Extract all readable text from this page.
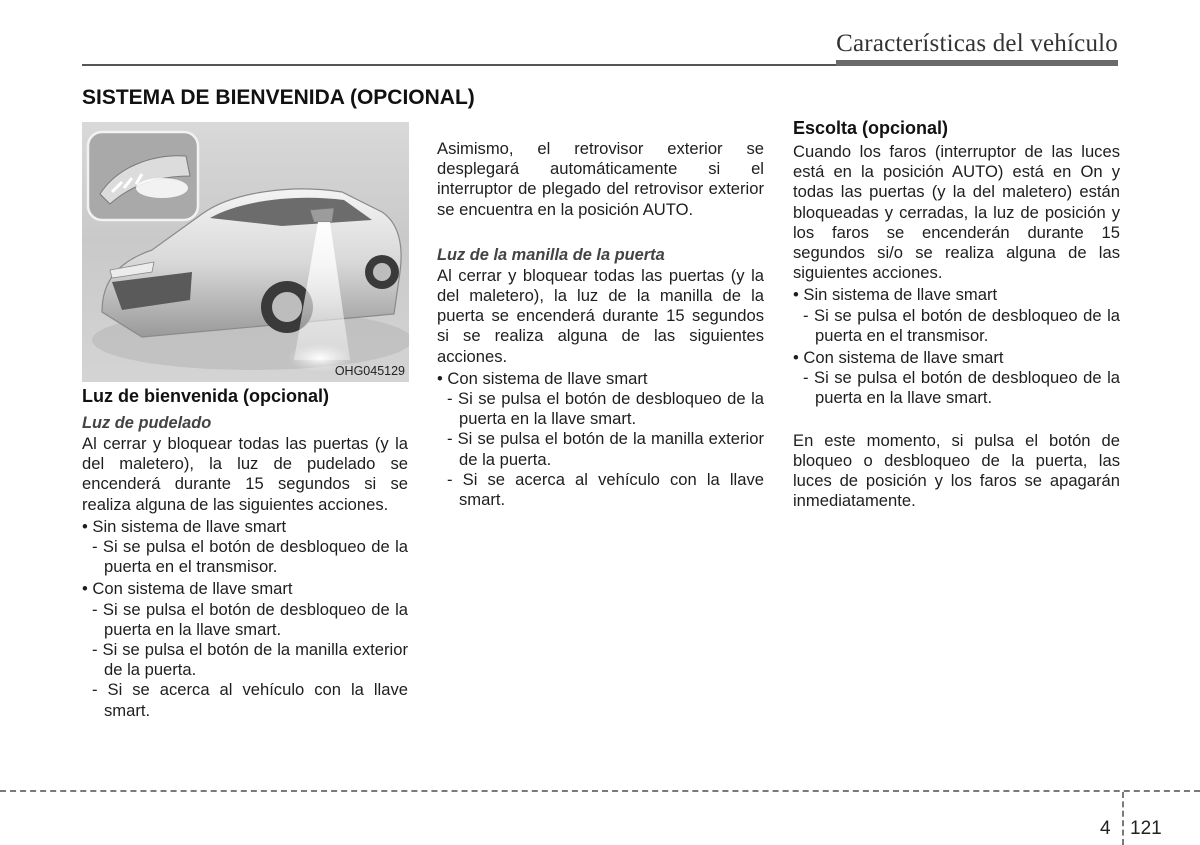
Características del vehículo
SISTEMA DE BIENVENIDA (OPCIONAL)
OHG045129
Luz de bienvenida (opcional)
Luz de pudelado

Al cerrar y bloquear todas las puertas (y la del maletero), la luz de pudelado se encenderá durante 15 segundos si se realiza alguna de las siguientes acciones.

• Sin sistema de llave smart
- Si se pulsa el botón de desbloqueo de la puerta en el transmisor.
• Con sistema de llave smart
- Si se pulsa el botón de desbloqueo de la puerta en la llave smart.
- Si se pulsa el botón de la manilla exterior de la puerta.
- Si se acerca al vehículo con la llave smart.

Asimismo, el retrovisor exterior se desplegará automáticamente si el interruptor de plegado del retrovisor exterior se encuentra en la posición AUTO.

Luz de la manilla de la puerta

Al cerrar y bloquear todas las puertas (y la del maletero), la luz de la manilla de la puerta se encenderá durante 15 segundos si se realiza alguna de las siguientes acciones.

• Con sistema de llave smart
- Si se pulsa el botón de desbloqueo de la puerta en la llave smart.
- Si se pulsa el botón de la manilla exterior de la puerta.
- Si se acerca al vehículo con la llave smart.
Escolta (opcional)

Cuando los faros (interruptor de las luces está en la posición AUTO) está en On y todas las puertas (y la del maletero) están bloqueadas y cerradas, la luz de posición y los faros se encenderán durante 15 segundos si/o se realiza alguna de las siguientes acciones.

• Sin sistema de llave smart
- Si se pulsa el botón de desbloqueo de la puerta en el transmisor.
• Con sistema de llave smart
- Si se pulsa el botón de desbloqueo de la puerta en la llave smart.

En este momento, si pulsa el botón de bloqueo o desbloqueo de la puerta, las luces de posición y los faros se apagarán inmediatamente.

4 121
